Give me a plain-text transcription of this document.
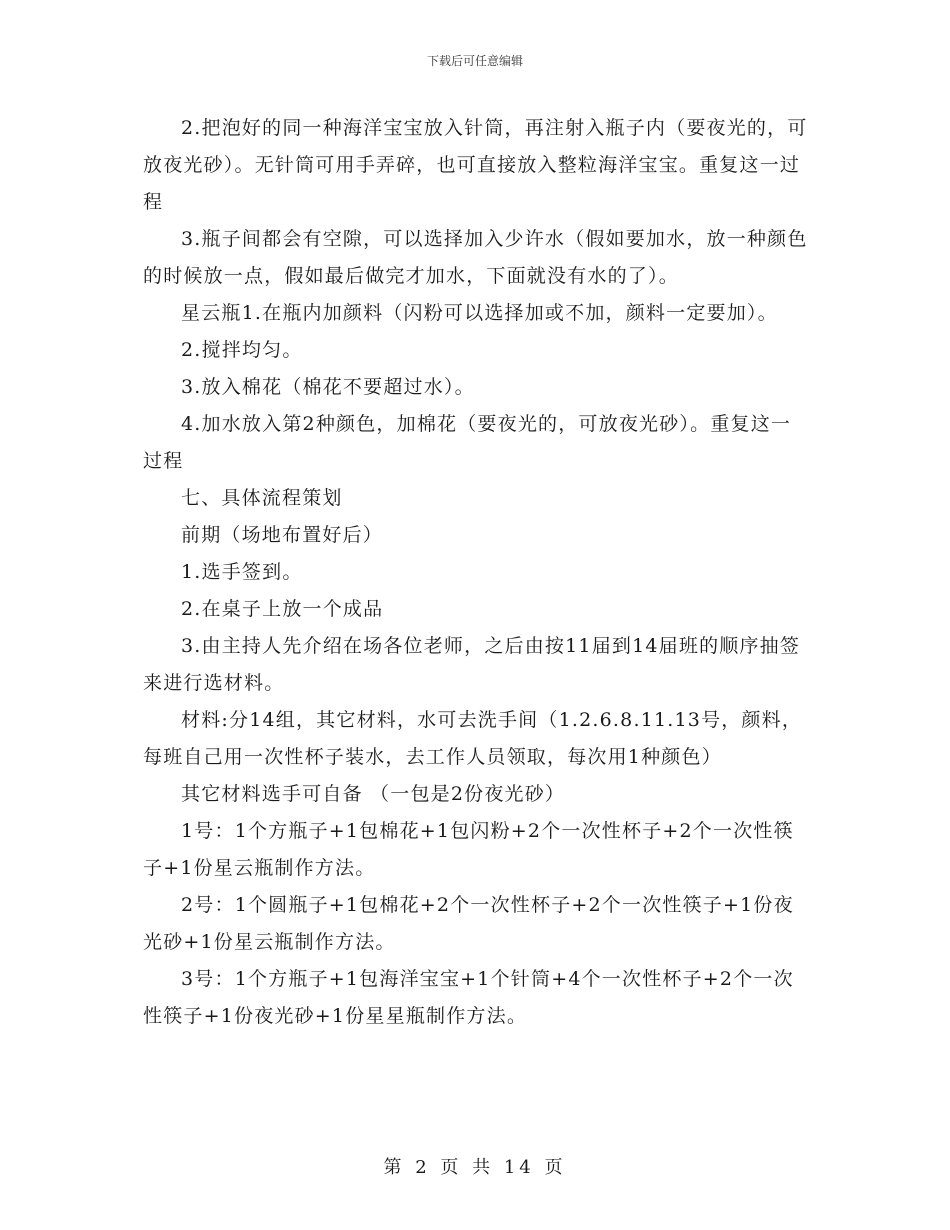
下载后可任意编辑

2.把泡好的同一种海洋宝宝放入针筒，再注射入瓶子内（要夜光的，可放夜光砂）。无针筒可用手弄碎，也可直接放入整粒海洋宝宝。重复这一过程

3.瓶子间都会有空隙，可以选择加入少许水（假如要加水，放一种颜色的时候放一点，假如最后做完才加水，下面就没有水的了）。

星云瓶1.在瓶内加颜料（闪粉可以选择加或不加，颜料一定要加）。

2.搅拌均匀。

3.放入棉花（棉花不要超过水）。

4.加水放入第2种颜色，加棉花（要夜光的，可放夜光砂）。重复这一过程

七、具体流程策划

前期（场地布置好后）

1.选手签到。

2.在桌子上放一个成品

3.由主持人先介绍在场各位老师，之后由按11届到14届班的顺序抽签来进行选材料。

材料:分14组，其它材料，水可去洗手间（1.2.6.8.11.13号，颜料，每班自己用一次性杯子装水，去工作人员领取，每次用1种颜色）

其它材料选手可自备 （一包是2份夜光砂）

1号：1个方瓶子+1包棉花+1包闪粉+2个一次性杯子+2个一次性筷子+1份星云瓶制作方法。

2号：1个圆瓶子+1包棉花+2个一次性杯子+2个一次性筷子+1份夜光砂+1份星云瓶制作方法。

3号：1个方瓶子+1包海洋宝宝+1个针筒+4个一次性杯子+2个一次性筷子+1份夜光砂+1份星星瓶制作方法。

第 2 页 共 14 页
